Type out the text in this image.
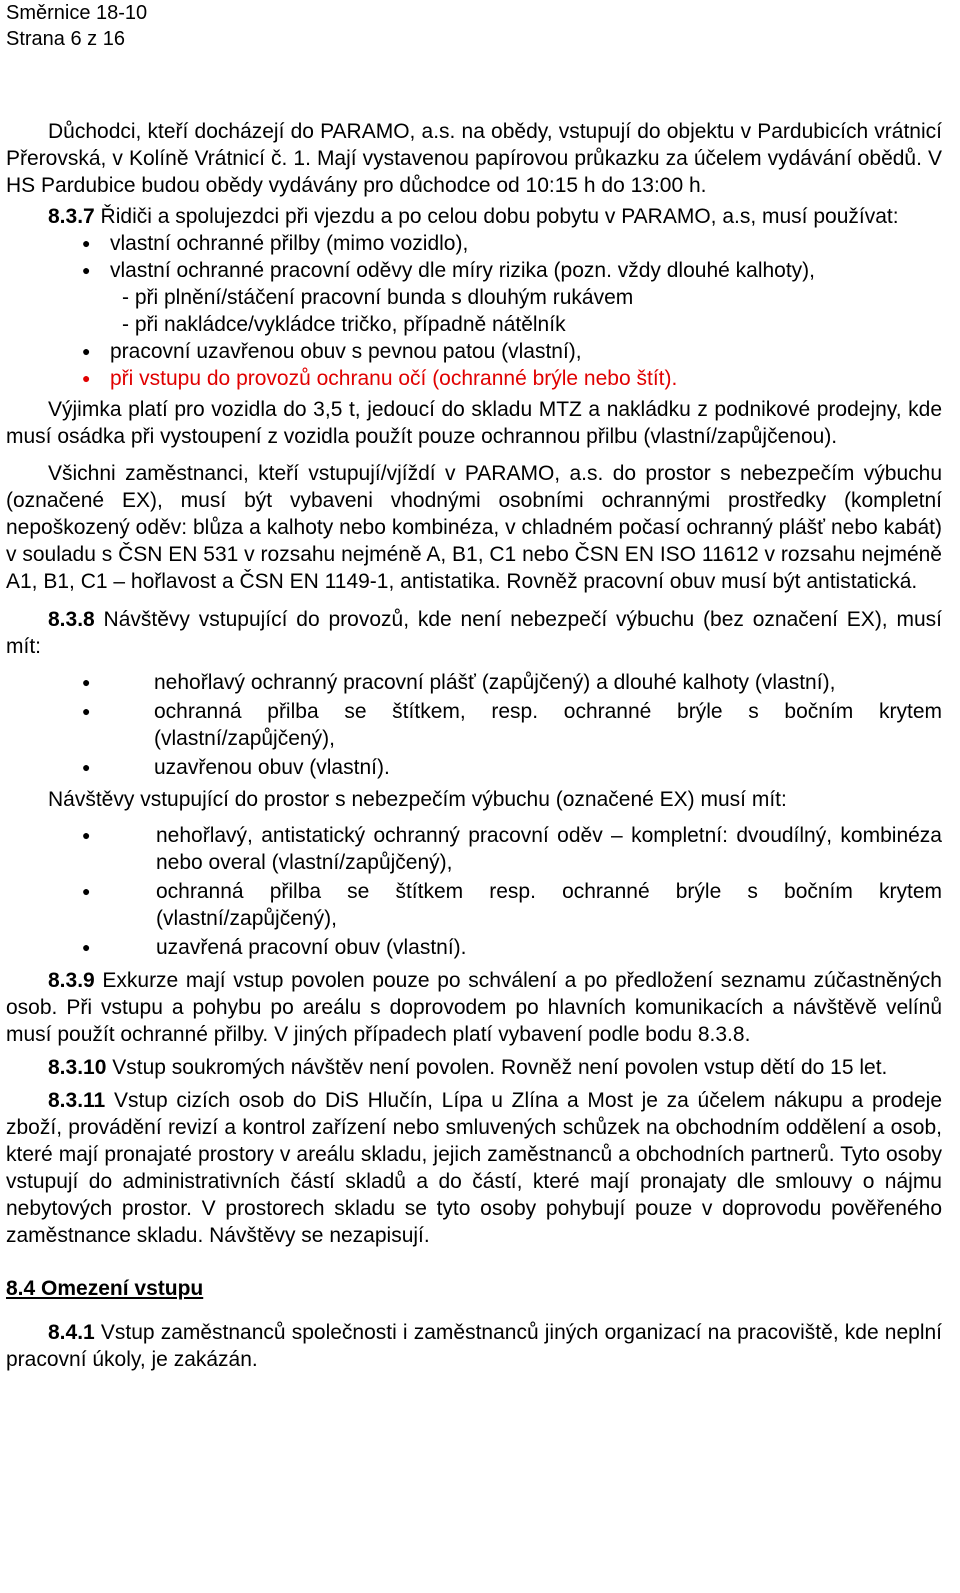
Směrnice 18-10
Strana 6 z 16

Důchodci, kteří docházejí do PARAMO, a.s. na obědy, vstupují do objektu v Pardubicích vrátnicí Přerovská, v Kolíně Vrátnicí č. 1. Mají vystavenou papírovou průkazku za účelem vydávání obědů. V HS Pardubice budou obědy vydávány pro důchodce od 10:15 h do 13:00 h.

8.3.7 Řidiči a spolujezdci při vjezdu a po celou dobu pobytu v PARAMO, a.s, musí používat:

● vlastní ochranné přilby (mimo vozidlo),
● vlastní ochranné pracovní oděvy dle míry rizika (pozn. vždy dlouhé kalhoty),
- při plnění/stáčení pracovní bunda s dlouhým rukávem
- při nakládce/vykládce tričko, případně nátělník
● pracovní uzavřenou obuv s pevnou patou (vlastní),
● při vstupu do provozů ochranu očí (ochranné brýle nebo štít).

Výjimka platí pro vozidla do 3,5 t, jedoucí do skladu MTZ a nakládku z podnikové prodejny, kde musí osádka při vystoupení z vozidla použít pouze ochrannou přilbu (vlastní/zapůjčenou).

Všichni zaměstnanci, kteří vstupují/vjíždí v PARAMO, a.s. do prostor s nebezpečím výbuchu (označené EX), musí být vybaveni vhodnými osobními ochrannými prostředky (kompletní nepoškozený oděv: blůza a kalhoty nebo kombinéza, v chladném počasí ochranný plášť nebo kabát) v souladu s ČSN EN 531 v rozsahu nejméně A, B1, C1 nebo ČSN EN ISO 11612 v rozsahu nejméně A1, B1, C1 – hořlavost a ČSN EN 1149-1, antistatika. Rovněž pracovní obuv musí být antistatická.

8.3.8 Návštěvy vstupující do provozů, kde není nebezpečí výbuchu (bez označení EX), musí mít:

●	nehořlavý ochranný pracovní plášť (zapůjčený) a dlouhé kalhoty (vlastní),
●	ochranná přilba se štítkem, resp. ochranné brýle s bočním krytem (vlastní/zapůjčený),
●	uzavřenou obuv (vlastní).

Návštěvy vstupující do prostor s nebezpečím výbuchu (označené EX) musí mít:

●	nehořlavý, antistatický ochranný pracovní oděv – kompletní: dvoudílný, kombinéza nebo overal (vlastní/zapůjčený),
●	ochranná přilba se štítkem resp. ochranné brýle s bočním krytem (vlastní/zapůjčený),
●	uzavřená pracovní obuv (vlastní).

8.3.9 Exkurze mají vstup povolen pouze po schválení a po předložení seznamu zúčastněných osob. Při vstupu a pohybu po areálu s doprovodem po hlavních komunikacích a návštěvě velínů musí použít ochranné přilby. V jiných případech platí vybavení podle bodu 8.3.8.

8.3.10 Vstup soukromých návštěv není povolen. Rovněž není povolen vstup dětí do 15 let.

8.3.11 Vstup cizích osob do DiS Hlučín, Lípa u Zlína a Most je za účelem nákupu a prodeje zboží, provádění revizí a kontrol zařízení nebo smluvených schůzek na obchodním oddělení a osob, které mají pronajaté prostory v areálu skladu, jejich zaměstnanců a obchodních partnerů. Tyto osoby vstupují do administrativních částí skladů a do částí, které mají pronajaty dle smlouvy o nájmu nebytových prostor. V prostorech skladu se tyto osoby pohybují pouze v doprovodu pověřeného zaměstnance skladu. Návštěvy se nezapisují.

8.4 Omezení vstupu

8.4.1 Vstup zaměstnanců společnosti i zaměstnanců jiných organizací na pracoviště, kde neplní pracovní úkoly, je zakázán.
